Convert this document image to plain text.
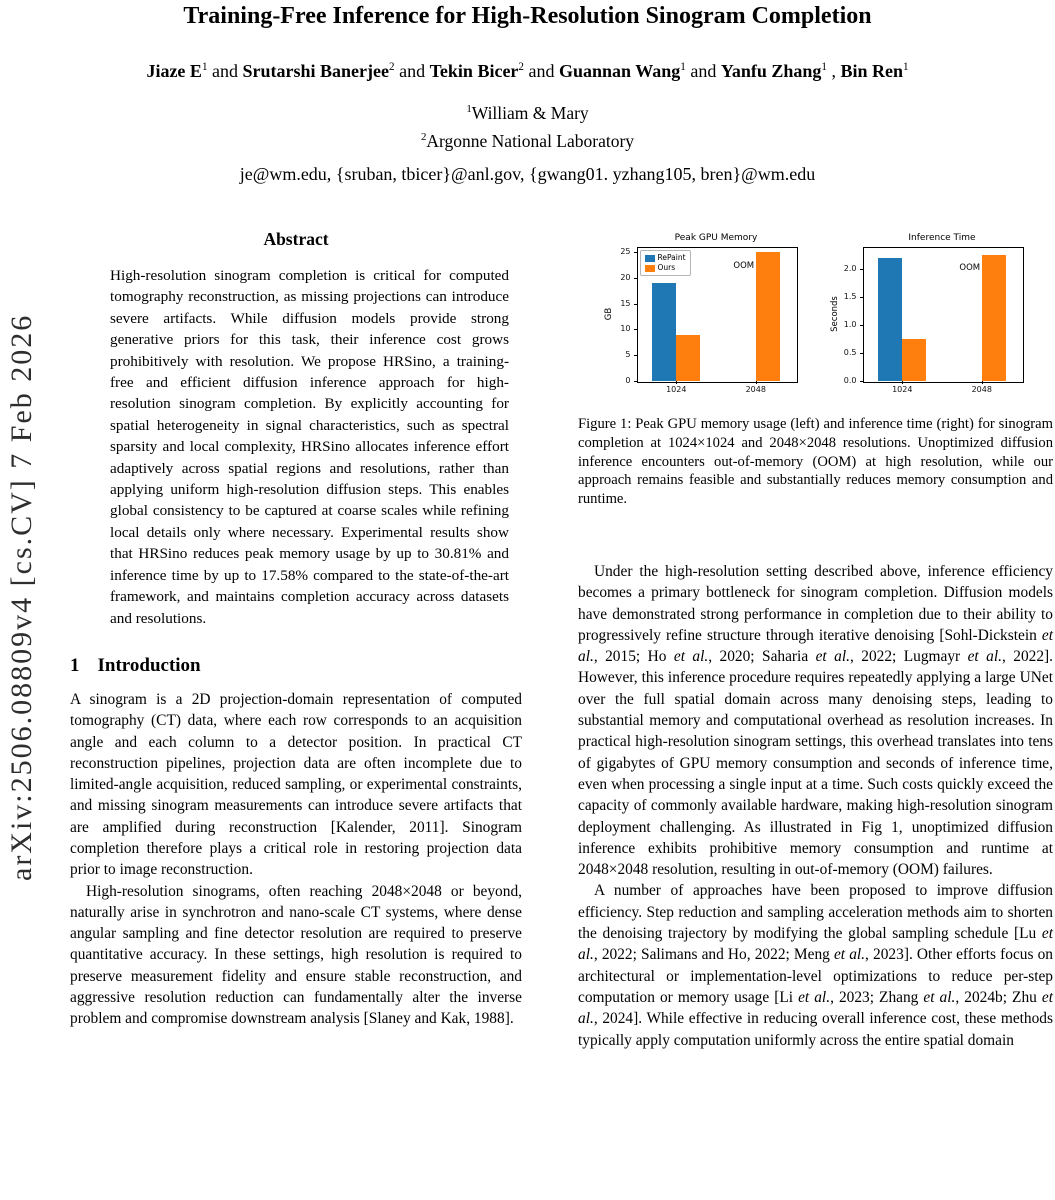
arXiv:2506.08809v4 [cs.CV] 7 Feb 2026
Training-Free Inference for High-Resolution Sinogram Completion
Jiaze $E^1$ and Srutarshi Banerjee$^2$ and Tekin Bicer$^2$ and Guannan Wang$^1$ and Yanfu Zhang$^1$ , Bin Ren$^1$
$^1$William & Mary
$^2$Argonne National Laboratory
je@wm.edu, {sruban, tbicer}@anl.gov, {gwang01. yzhang105, bren}@wm.edu
Abstract
High-resolution sinogram completion is critical for computed tomography reconstruction, as missing projections can introduce severe artifacts. While diffusion models provide strong generative priors for this task, their inference cost grows prohibitively with resolution. We propose HRSino, a training-free and efficient diffusion inference approach for high-resolution sinogram completion. By explicitly accounting for spatial heterogeneity in signal characteristics, such as spectral sparsity and local complexity, HRSino allocates inference effort adaptively across spatial regions and resolutions, rather than applying uniform high-resolution diffusion steps. This enables global consistency to be captured at coarse scales while refining local details only where necessary. Experimental results show that HRSino reduces peak memory usage by up to 30.81% and inference time by up to 17.58% compared to the state-of-the-art framework, and maintains completion accuracy across datasets and resolutions.
1 Introduction

A sinogram is a 2D projection-domain representation of computed tomography (CT) data, where each row corresponds to an acquisition angle and each column to a detector position. In practical CT reconstruction pipelines, projection data are often incomplete due to limited-angle acquisition, reduced sampling, or experimental constraints, and missing sinogram measurements can introduce severe artifacts that are amplified during reconstruction [Kalender, 2011]. Sinogram completion therefore plays a critical role in restoring projection data prior to image reconstruction.

High-resolution sinograms, often reaching 2048×2048 or beyond, naturally arise in synchrotron and nano-scale CT systems, where dense angular sampling and fine detector resolution are required to preserve quantitative accuracy. In these settings, high resolution is required to preserve measurement fidelity and ensure stable reconstruction, and aggressive resolution reduction can fundamentally alter the inverse problem and compromise downstream analysis [Slaney and Kak, 1988].

Peak GPU Memory
GB
0
5
10
15
20
25
1024	2048
OOM
RePaint
Ours
Inference Time
Seconds
0.0
0.5
1.0
1.5
2.0
1024	2048
OOM
Figure 1: Peak GPU memory usage (left) and inference time (right) for sinogram completion at 1024×1024 and 2048×2048 resolutions. Unoptimized diffusion inference encounters out-of-memory (OOM) at high resolution, while our approach remains feasible and substantially reduces memory consumption and runtime.

Under the high-resolution setting described above, inference efficiency becomes a primary bottleneck for sinogram completion. Diffusion models have demonstrated strong performance in completion due to their ability to progressively refine structure through iterative denoising [Sohl-Dickstein et al., 2015; Ho et al., 2020; Saharia et al., 2022; Lugmayr et al., 2022]. However, this inference procedure requires repeatedly applying a large UNet over the full spatial domain across many denoising steps, leading to substantial memory and computational overhead as resolution increases. In practical high-resolution sinogram settings, this overhead translates into tens of gigabytes of GPU memory consumption and seconds of inference time, even when processing a single input at a time. Such costs quickly exceed the capacity of commonly available hardware, making high-resolution sinogram deployment challenging. As illustrated in Fig 1, unoptimized diffusion inference exhibits prohibitive memory consumption and runtime at 2048×2048 resolution, resulting in out-of-memory (OOM) failures.

A number of approaches have been proposed to improve diffusion efficiency. Step reduction and sampling acceleration methods aim to shorten the denoising trajectory by modifying the global sampling schedule [Lu et al., 2022; Salimans and Ho, 2022; Meng et al., 2023]. Other efforts focus on architectural or implementation-level optimizations to reduce per-step computation or memory usage [Li et al., 2023; Zhang et al., 2024b; Zhu et al., 2024]. While effective in reducing overall inference cost, these methods typically apply computation uniformly across the entire spatial domain
